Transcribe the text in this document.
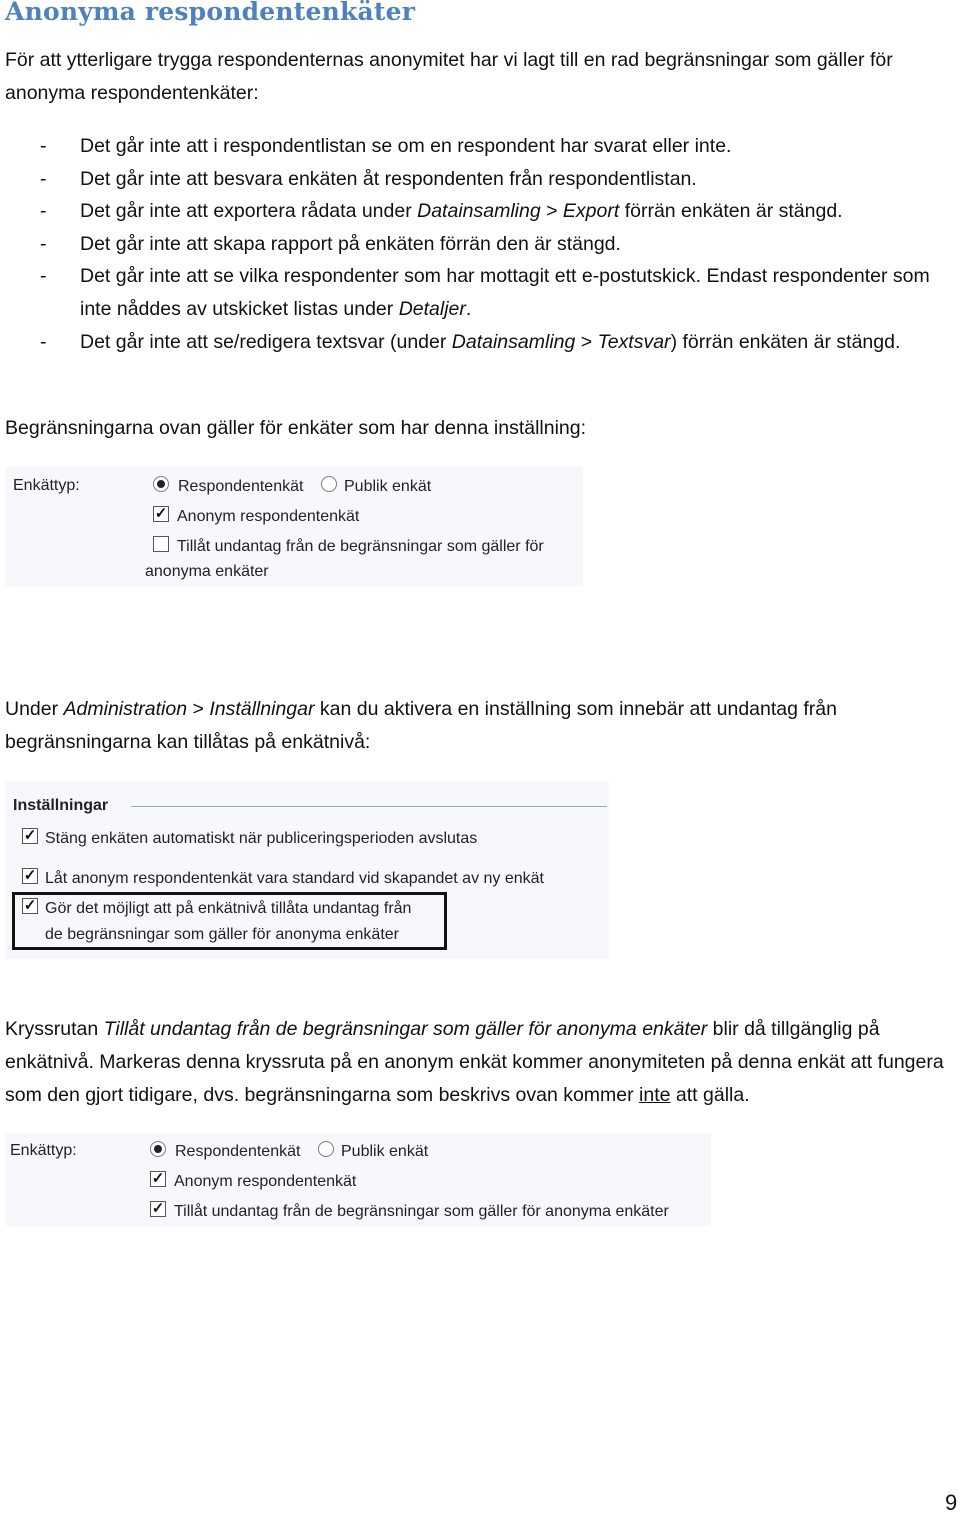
Anonyma respondentenkäter

För att ytterligare trygga respondenternas anonymitet har vi lagt till en rad begränsningar som gäller för anonyma respondentenkäter:

- Det går inte att i respondentlistan se om en respondent har svarat eller inte.
- Det går inte att besvara enkäten åt respondenten från respondentlistan.
- Det går inte att exportera rådata under Datainsamling > Export förrän enkäten är stängd.
- Det går inte att skapa rapport på enkäten förrän den är stängd.
- Det går inte att se vilka respondenter som har mottagit ett e-postutskick. Endast respondenter som inte nåddes av utskicket listas under Detaljer.
- Det går inte att se/redigera textsvar (under Datainsamling > Textsvar) förrän enkäten är stängd.

Begränsningarna ovan gäller för enkäter som har denna inställning:

Enkättyp:	Respondentenkät	Publik enkät
✓ Anonym respondentenkät
Tillåt undantag från de begränsningar som gäller för
anonyma enkäter

Under Administration > Inställningar kan du aktivera en inställning som innebär att undantag från begränsningarna kan tillåtas på enkätnivå:

Inställningar
✓ Stäng enkäten automatiskt när publiceringsperioden avslutas
✓ Låt anonym respondentenkät vara standard vid skapandet av ny enkät
✓ Gör det möjligt att på enkätnivå tillåta undantag från
de begränsningar som gäller för anonyma enkäter

Kryssrutan Tillåt undantag från de begränsningar som gäller för anonyma enkäter blir då tillgänglig på enkätnivå. Markeras denna kryssruta på en anonym enkät kommer anonymiteten på denna enkät att fungera som den gjort tidigare, dvs. begränsningarna som beskrivs ovan kommer inte att gälla.

Enkättyp:	Respondentenkät	Publik enkät
✓ Anonym respondentenkät
✓ Tillåt undantag från de begränsningar som gäller för anonyma enkäter
9
